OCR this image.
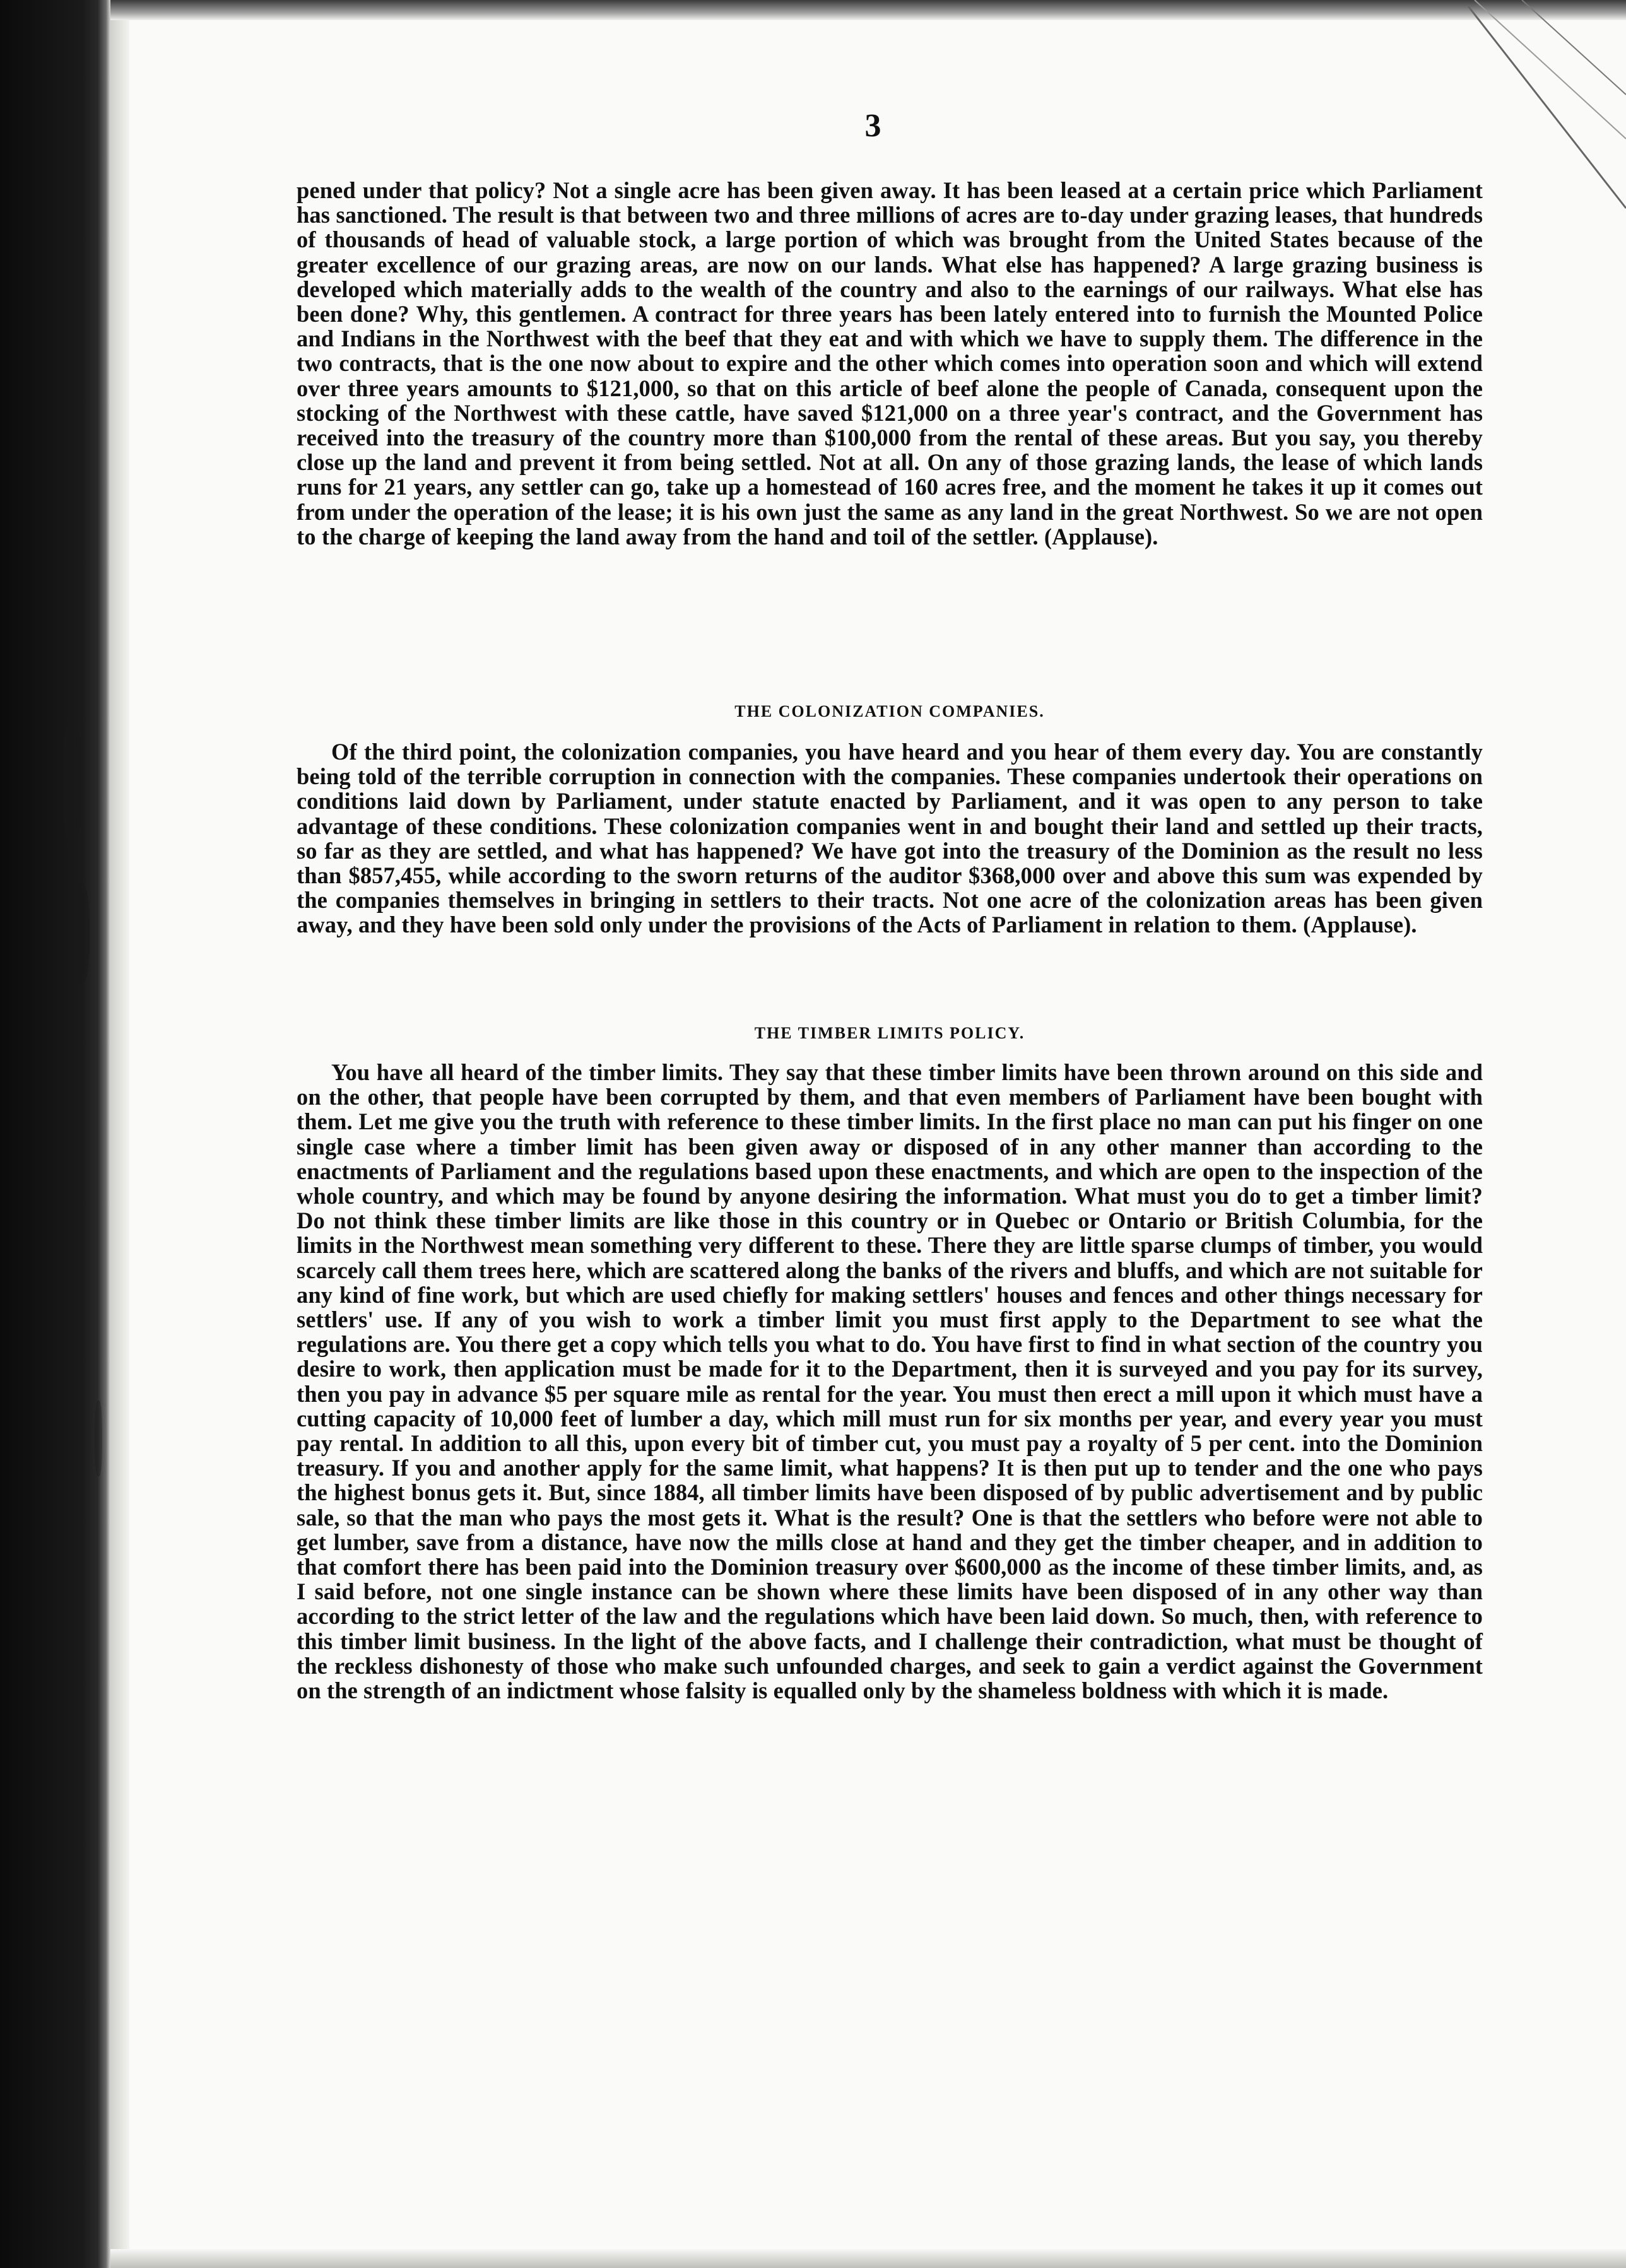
3

pened under that policy? Not a single acre has been given away. It has been leased at a certain price which Parliament has sanctioned. The result is that between two and three millions of acres are to-day under grazing leases, that hundreds of thousands of head of valuable stock, a large portion of which was brought from the United States because of the greater excellence of our grazing areas, are now on our lands. What else has happened? A large grazing business is developed which materially adds to the wealth of the country and also to the earnings of our railways. What else has been done? Why, this gentlemen. A contract for three years has been lately entered into to furnish the Mounted Police and Indians in the Northwest with the beef that they eat and with which we have to supply them. The difference in the two contracts, that is the one now about to expire and the other which comes into operation soon and which will extend over three years amounts to $121,000, so that on this article of beef alone the people of Canada, consequent upon the stocking of the Northwest with these cattle, have saved $121,000 on a three year's contract, and the Government has received into the treasury of the country more than $100,000 from the rental of these areas. But you say, you thereby close up the land and prevent it from being settled. Not at all. On any of those grazing lands, the lease of which lands runs for 21 years, any settler can go, take up a homestead of 160 acres free, and the moment he takes it up it comes out from under the operation of the lease; it is his own just the same as any land in the great Northwest. So we are not open to the charge of keeping the land away from the hand and toil of the settler. (Applause).

THE COLONIZATION COMPANIES.

Of the third point, the colonization companies, you have heard and you hear of them every day. You are constantly being told of the terrible corruption in connection with the companies. These companies undertook their operations on conditions laid down by Parliament, under statute enacted by Parliament, and it was open to any person to take advantage of these conditions. These colonization companies went in and bought their land and settled up their tracts, so far as they are settled, and what has happened? We have got into the treasury of the Dominion as the result no less than $857,455, while according to the sworn returns of the auditor $368,000 over and above this sum was expended by the companies themselves in bringing in settlers to their tracts. Not one acre of the colonization areas has been given away, and they have been sold only under the provisions of the Acts of Parliament in relation to them. (Applause).

THE TIMBER LIMITS POLICY.

You have all heard of the timber limits. They say that these timber limits have been thrown around on this side and on the other, that people have been corrupted by them, and that even members of Parliament have been bought with them. Let me give you the truth with reference to these timber limits. In the first place no man can put his finger on one single case where a timber limit has been given away or disposed of in any other manner than according to the enactments of Parliament and the regulations based upon these enactments, and which are open to the inspection of the whole country, and which may be found by anyone desiring the information. What must you do to get a timber limit? Do not think these timber limits are like those in this country or in Quebec or Ontario or British Columbia, for the limits in the Northwest mean something very different to these. There they are little sparse clumps of timber, you would scarcely call them trees here, which are scattered along the banks of the rivers and bluffs, and which are not suitable for any kind of fine work, but which are used chiefly for making settlers' houses and fences and other things necessary for settlers' use. If any of you wish to work a timber limit you must first apply to the Department to see what the regulations are. You there get a copy which tells you what to do. You have first to find in what section of the country you desire to work, then application must be made for it to the Department, then it is surveyed and you pay for its survey, then you pay in advance $5 per square mile as rental for the year. You must then erect a mill upon it which must have a cutting capacity of 10,000 feet of lumber a day, which mill must run for six months per year, and every year you must pay rental. In addition to all this, upon every bit of timber cut, you must pay a royalty of 5 per cent. into the Dominion treasury. If you and another apply for the same limit, what happens? It is then put up to tender and the one who pays the highest bonus gets it. But, since 1884, all timber limits have been disposed of by public advertisement and by public sale, so that the man who pays the most gets it. What is the result? One is that the settlers who before were not able to get lumber, save from a distance, have now the mills close at hand and they get the timber cheaper, and in addition to that comfort there has been paid into the Dominion treasury over $600,000 as the income of these timber limits, and, as I said before, not one single instance can be shown where these limits have been disposed of in any other way than according to the strict letter of the law and the regulations which have been laid down. So much, then, with reference to this timber limit business. In the light of the above facts, and I challenge their contradiction, what must be thought of the reckless dishonesty of those who make such unfounded charges, and seek to gain a verdict against the Government on the strength of an indictment whose falsity is equalled only by the shameless boldness with which it is made.
